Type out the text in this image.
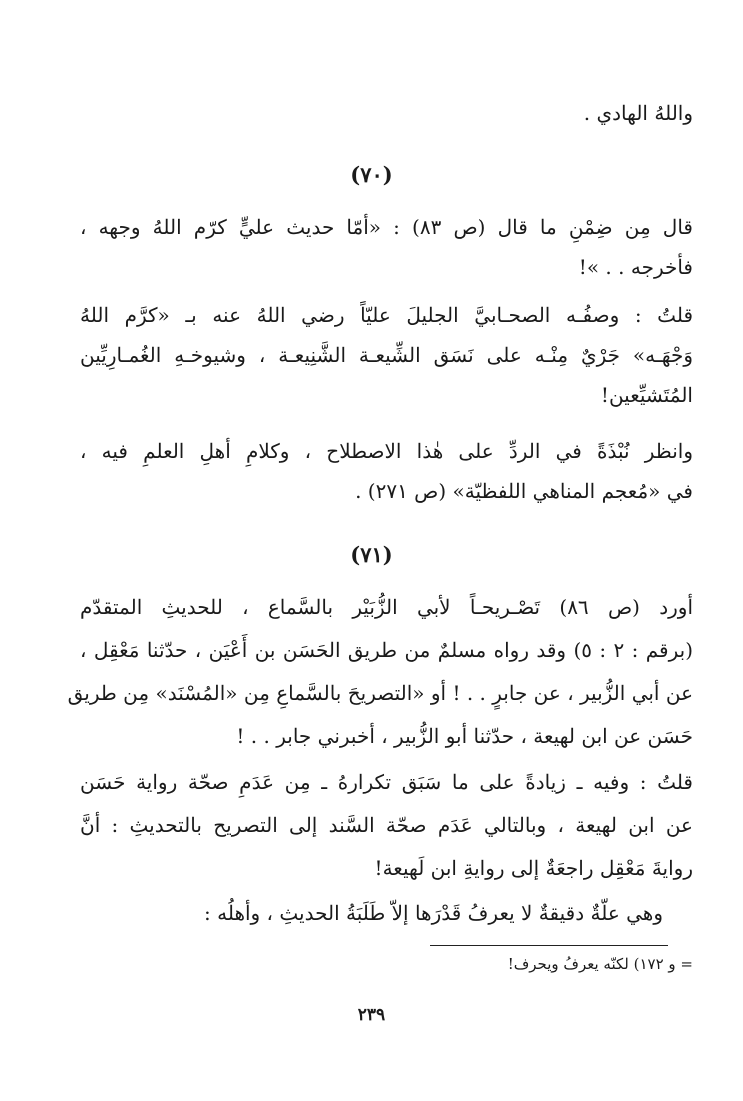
واللهُ الهادي .
(٧٠)
قال مِن ضِمْنِ ما قال (ص ٨٣) : «أمّا حديث عليٍّ كرّم اللهُ وجهه ،
فأخرجه . . »!
قلتُ : وصفُـه الصحـابيَّ الجليلَ عليّاً رضي اللهُ عنه بـ «كرَّم اللهُ
وَجْهَـه» جَرْيٌ مِنْـه على نَسَق الشِّيعـة الشَّنِيعـة ، وشيوخـهِ الغُمـارِيِّين
المُتَشيِّعين!
وانظر نُبْذَةً في الردِّ على هٰذا الاصطلاح ، وكلامِ أهلِ العلمِ فيه ،
في «مُعجم المناهي اللفظيّة» (ص ٢٧١) .
(٧١)
أورد (ص ٨٦) تَصْـريحـاً لأبي الزُّبَيْر بالسَّماع ، للحديثِ المتقدّم
(برقم : ٢ : ٥) وقد رواه مسلمٌ من طريق الحَسَن بن أَعْيَن ، حدّثنا مَعْقِل ،
عن أبي الزُّبير ، عن جابرٍ . . ! أو «التصريحَ بالسَّماعِ مِن «المُسْنَد» مِن طريق
حَسَن عن ابن لهيعة ، حدّثنا أبو الزُّبير ، أخبرني جابر . . !
قلتُ : وفيه ـ زيادةً على ما سَبَق تكرارهُ ـ مِن عَدَمِ صحّة رواية حَسَن
عن ابن لهيعة ، وبالتالي عَدَم صحّة السَّند إلى التصريح بالتحديثِ : أنَّ
روايةَ مَعْقِل راجعَةٌ إلى روايةِ ابن لَهيعة!
وهي علّةٌ دقيقةٌ لا يعرفُ قَدْرَها إلاّ طَلَبَةُ الحديثِ ، وأهلُه :
= و ١٧٢) لكنّه يعرفُ ويحرف!
٢٣٩
